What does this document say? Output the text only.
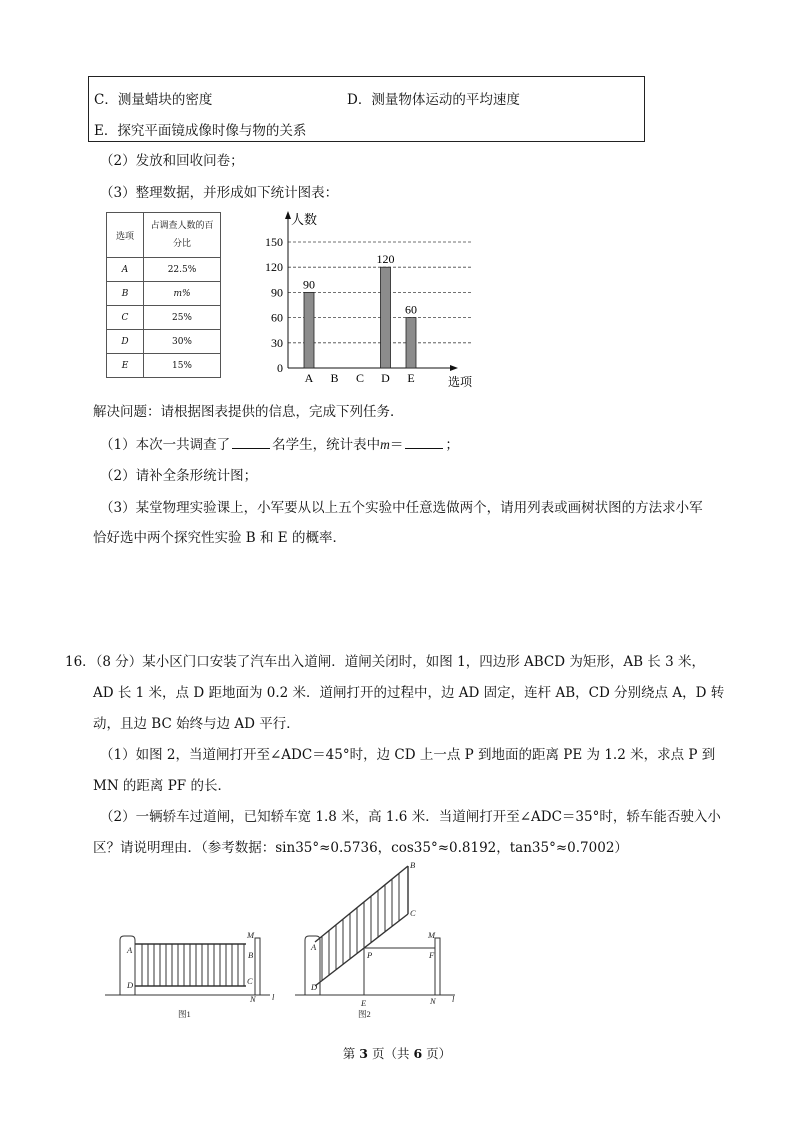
C．测量蜡块的密度	D．测量物体运动的平均速度
E．探究平面镜成像时像与物的关系
（2）发放和回收问卷；
（3）整理数据，并形成如下统计图表：
选项	占调查人数的百
分比

A	22.5%
B	m%
C	25%
D	30%
E	15%	0
30
60
90
120
150
人数
选项
A
90
B C D
120
E
60
解决问题：请根据图表提供的信息，完成下列任务．
（1）本次一共调查了	名学生，统计表中m＝	；
（2）请补全条形统计图；
（3）某堂物理实验课上，小军要从以上五个实验中任意选做两个，请用列表或画树状图的方法求小军
恰好选中两个探究性实验 B 和 E 的概率．
16．（8 分）某小区门口安装了汽车出入道闸．道闸关闭时，如图 1，四边形 ABCD 为矩形，AB 长 3 米，
AD 长 1 米，点 D 距地面为 0.2 米．道闸打开的过程中，边 AD 固定，连杆 AB，CD 分别绕点 A，D 转
动，且边 BC 始终与边 AD 平行．
（1）如图 2，当道闸打开至∠ADC＝45°时，边 CD 上一点 P 到地面的距离 PE 为 1.2 米，求点 P 到
MN 的距离 PF 的长．
（2）一辆轿车过道闸，已知轿车宽 1.8 米，高 1.6 米．当道闸打开至∠ADC＝35°时，轿车能否驶入小
区？请说明理由．（参考数据：sin35°≈0.5736，cos35°≈0.8192，tan35°≈0.7002）
A
D
M
B
C
N l
图1
A
D
B
C
P
E
M
F
N l
图2
第 3 页（共 6 页）
